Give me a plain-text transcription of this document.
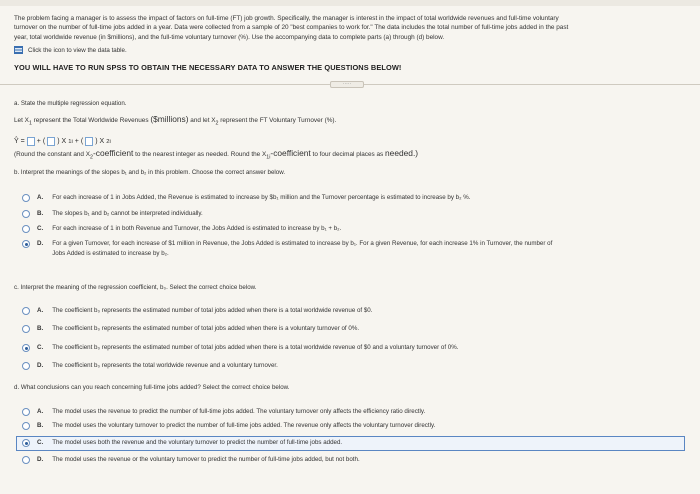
The problem facing a manager is to assess the impact of factors on full-time (FT) job growth. Specifically, the manager is interest in the impact of total worldwide revenues and full-time voluntary
turnover on the number of full-time jobs added in a year. Data were collected from a sample of 20 "best companies to work for." The data includes the total number of full-time jobs added in the past
year, total worldwide revenue (in $millions), and the full-time voluntary turnover (%). Use the accompanying data to complete parts (a) through (d) below.
Click the icon to view the data table.
YOU WILL HAVE TO RUN SPSS TO OBTAIN THE NECESSARY DATA TO ANSWER THE QUESTIONS BELOW!
·····
a. State the multiple regression equation.
Let $X_1$ represent the Total Worldwide Revenues ($millions) and let $X_2$ represent the FT Voluntary Turnover (%).
Ŷ = + ( ) X 1i + ( ) X 2i
(Round the constant and $X_2$-coefficient to the nearest integer as needed. Round the $X_{1i}$-coefficient to four decimal places as needed.)
b. Interpret the meanings of the slopes b₁ and b₂ in this problem. Choose the correct answer below.
A. For each increase of 1 in Jobs Added, the Revenue is estimated to increase by $b₁ million and the Turnover percentage is estimated to increase by b₂ %.
B. The slopes b₁ and b₂ cannot be interpreted individually.
C. For each increase of 1 in both Revenue and Turnover, the Jobs Added is estimated to increase by b₁ + b₂.
D. For a given Turnover, for each increase of $1 million in Revenue, the Jobs Added is estimated to increase by b₁. For a given Revenue, for each increase 1% in Turnover, the number of
Jobs Added is estimated to increase by b₂.
c. Interpret the meaning of the regression coefficient, b₀. Select the correct choice below.
A. The coefficient b₀ represents the estimated number of total jobs added when there is a total worldwide revenue of $0.
B. The coefficient b₀ represents the estimated number of total jobs added when there is a voluntary turnover of 0%.
C. The coefficient b₀ represents the estimated number of total jobs added when there is a total worldwide revenue of $0 and a voluntary turnover of 0%.
D. The coefficient b₀ represents the total worldwide revenue and a voluntary turnover.
d. What conclusions can you reach concerning full-time jobs added? Select the correct choice below.
A. The model uses the revenue to predict the number of full-time jobs added. The voluntary turnover only affects the efficiency ratio directly.
B. The model uses the voluntary turnover to predict the number of full-time jobs added. The revenue only affects the voluntary turnover directly.
C. The model uses both the revenue and the voluntary turnover to predict the number of full-time jobs added.
D. The model uses the revenue or the voluntary turnover to predict the number of full-time jobs added, but not both.
